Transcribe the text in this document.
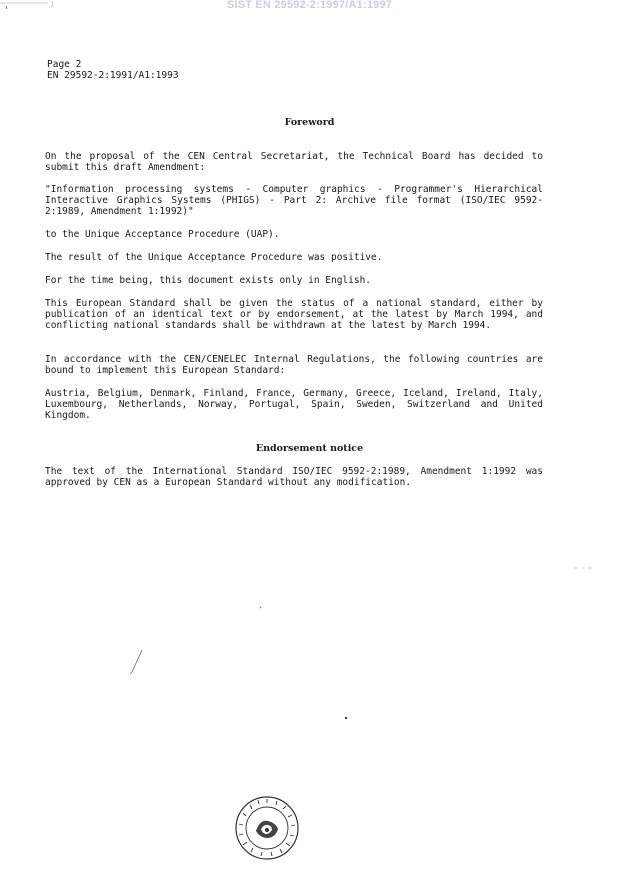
SIST EN 29592-2:1997/A1:1997
Page 2
EN 29592-2:1991/A1:1993
Foreword
On the proposal of the CEN Central Secretariat, the Technical Board has decided to submit this draft Amendment:
"Information processing systems - Computer graphics - Programmer's Hierarchical Interactive Graphics Systems (PHIGS) - Part 2: Archive file format (ISO/IEC 9592-2:1989, Amendment 1:1992)"
to the Unique Acceptance Procedure (UAP).
The result of the Unique Acceptance Procedure was positive.
For the time being, this document exists only in English.
This European Standard shall be given the status of a national standard, either by publication of an identical text or by endorsement, at the latest by March 1994, and conflicting national standards shall be withdrawn at the latest by March 1994.
In accordance with the CEN/CENELEC Internal Regulations, the following countries are bound to implement this European Standard:
Austria, Belgium, Denmark, Finland, France, Germany, Greece, Iceland, Ireland, Italy, Luxembourg, Netherlands, Norway, Portugal, Spain, Sweden, Switzerland and United Kingdom.
Endorsement notice
The text of the International Standard ISO/IEC 9592-2:1989, Amendment 1:1992 was approved by CEN as a European Standard without any modification.
